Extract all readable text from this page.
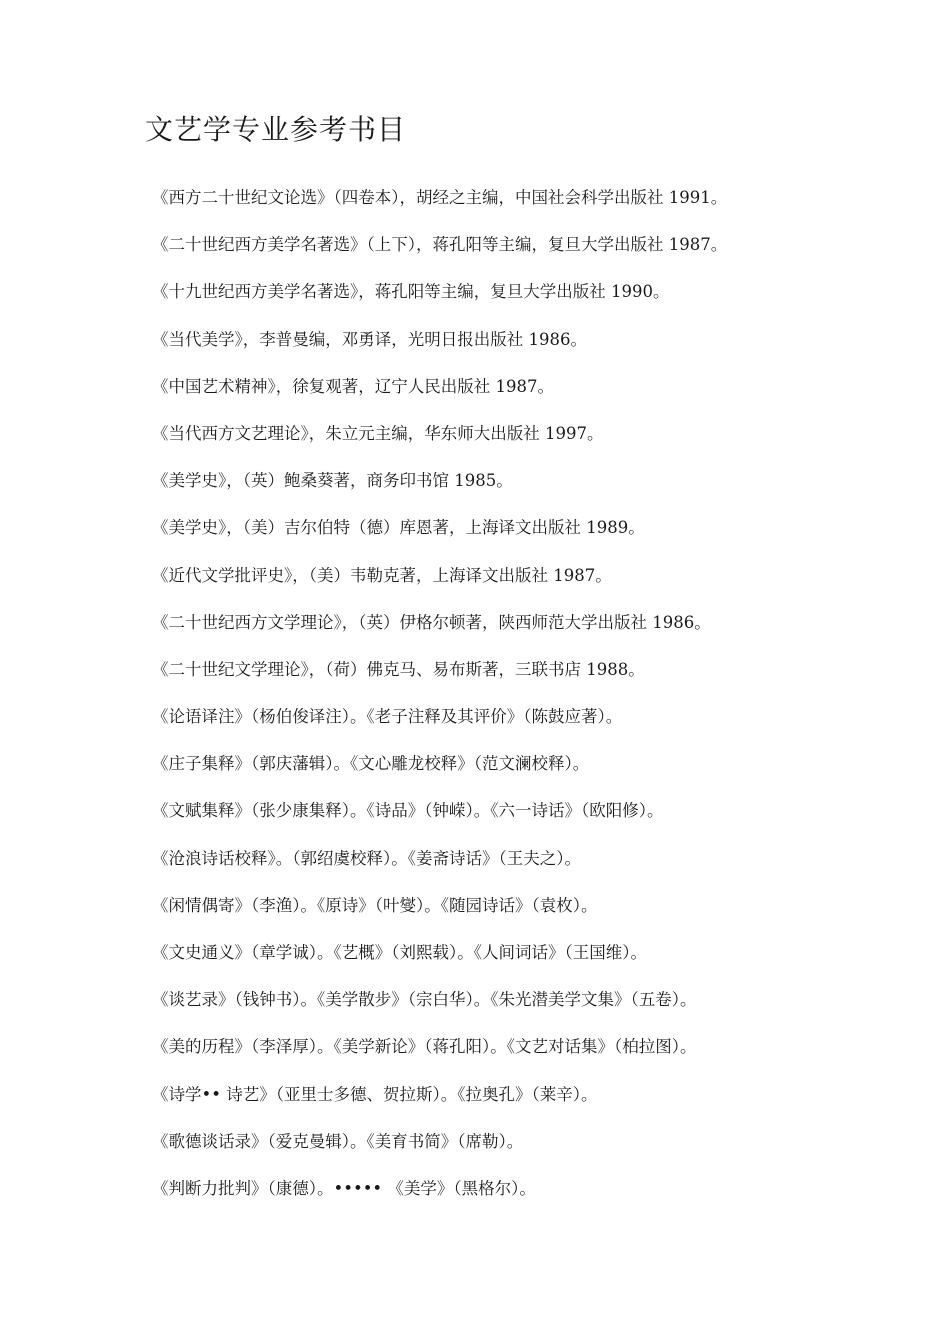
文艺学专业参考书目
《西方二十世纪文论选》（四卷本），胡经之主编，中国社会科学出版社 1991。
《二十世纪西方美学名著选》（上下），蒋孔阳等主编，复旦大学出版社 1987。
《十九世纪西方美学名著选》，蒋孔阳等主编，复旦大学出版社 1990。
《当代美学》，李普曼编，邓勇译，光明日报出版社 1986。
《中国艺术精神》，徐复观著，辽宁人民出版社 1987。
《当代西方文艺理论》，朱立元主编，华东师大出版社 1997。
《美学史》，（英）鲍桑葵著，商务印书馆 1985。
《美学史》，（美）吉尔伯特（德）库恩著，上海译文出版社 1989。
《近代文学批评史》，（美）韦勒克著，上海译文出版社 1987。
《二十世纪西方文学理论》，（英）伊格尔顿著，陕西师范大学出版社 1986。
《二十世纪文学理论》，（荷）佛克马、易布斯著，三联书店 1988。
《论语译注》（杨伯俊译注）。《老子注释及其评价》（陈鼓应著）。
《庄子集释》（郭庆藩辑）。《文心雕龙校释》（范文澜校释）。
《文赋集释》（张少康集释）。《诗品》（钟嵘）。《六一诗话》（欧阳修）。
《沧浪诗话校释》。（郭绍虞校释）。《姜斋诗话》（王夫之）。
《闲情偶寄》（李渔）。《原诗》（叶燮）。《随园诗话》（袁枚）。
《文史通义》（章学诚）。《艺概》（刘熙载）。《人间词话》（王国维）。
《谈艺录》（钱钟书）。《美学散步》（宗白华）。《朱光潜美学文集》（五卷）。
《美的历程》（李泽厚）。《美学新论》（蒋孔阳）。《文艺对话集》（柏拉图）。
《诗学•• 诗艺》（亚里士多德、贺拉斯）。《拉奥孔》（莱辛）。
《歌德谈话录》（爱克曼辑）。《美育书简》（席勒）。
《判断力批判》（康德）。••••• 《美学》（黑格尔）。
